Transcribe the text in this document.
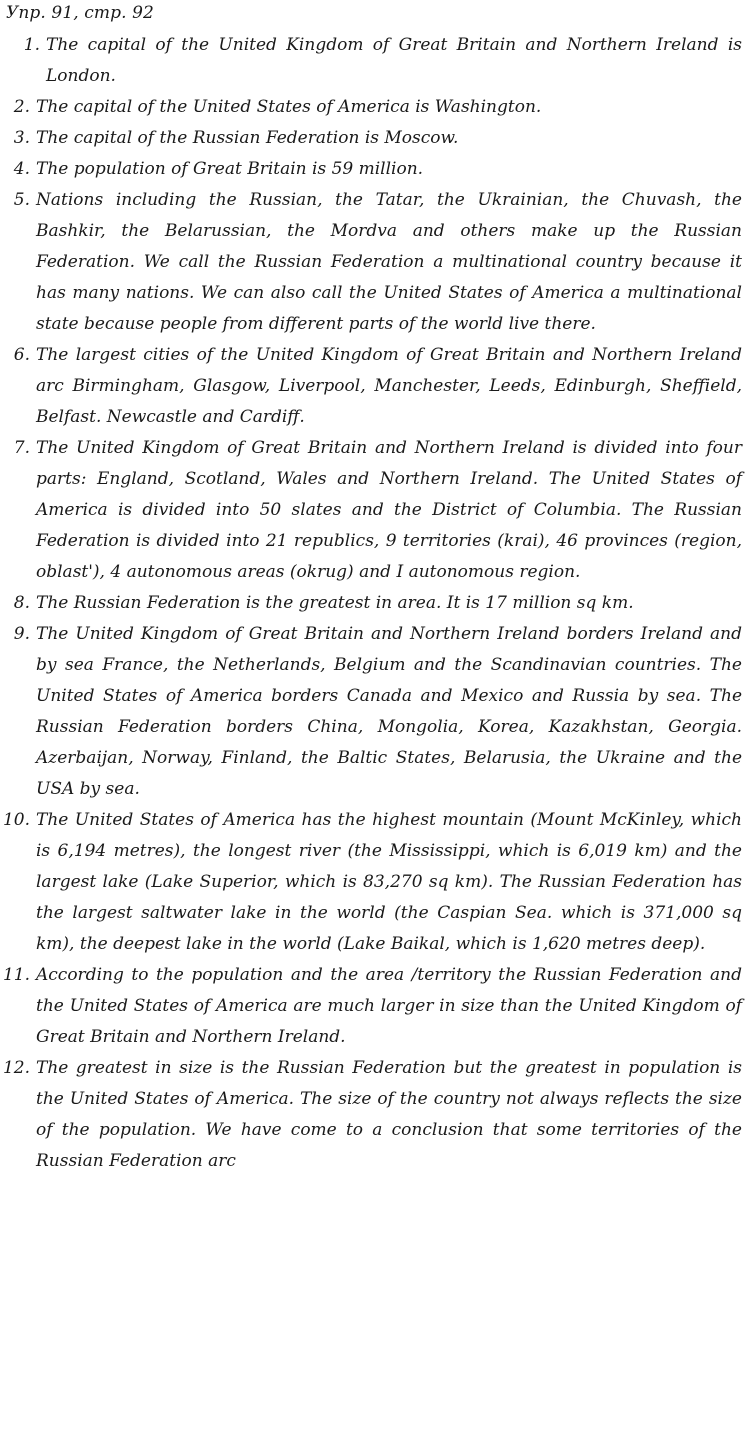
Упр. 91, стр. 92
1. The capital of the United Kingdom of Great Britain and Northern Ireland is London.
2. The capital of the United States of America is Washington.
3. The capital of the Russian Federation is Moscow.
4. The population of Great Britain is 59 million.
5. Nations including the Russian, the Tatar, the Ukrainian, the Chuvash, the Bashkir, the Belarussian, the Mordva and others make up the Russian Federation. We call the Russian Federation a multinational country because it has many nations. We can also call the United States of America a multinational state because people from different parts of the world live there.
6. The largest cities of the United Kingdom of Great Britain and Northern Ireland arc Birmingham, Glasgow, Liverpool, Manchester, Leeds, Edinburgh, Sheffield, Belfast. Newcastle and Cardiff.
7. The United Kingdom of Great Britain and Northern Ireland is divided into four parts: England, Scotland, Wales and Northern Ireland. The United States of America is divided into 50 slates and the District of Columbia. The Russian Federation is divided into 21 republics, 9 territories (krai), 46 provinces (region, oblast'), 4 autonomous areas (okrug) and I autonomous region.
8. The Russian Federation is the greatest in area. It is 17 million sq km.
9. The United Kingdom of Great Britain and Northern Ireland borders Ireland and by sea France, the Netherlands, Belgium and the Scandinavian countries. The United States of America borders Canada and Mexico and Russia by sea. The Russian Federation borders China, Mongolia, Korea, Kazakhstan, Georgia. Azerbaijan, Norway, Finland, the Baltic States, Belarusia, the Ukraine and the USA by sea.
10. The United States of America has the highest mountain (Mount McKinley, which is 6,194 metres), the longest river (the Mississippi, which is 6,019 km) and the largest lake (Lake Superior, which is 83,270 sq km). The Russian Federation has the largest saltwater lake in the world (the Caspian Sea. which is 371,000 sq km), the deepest lake in the world (Lake Baikal, which is 1,620 metres deep).
11. According to the population and the area /territory the Russian Federation and the United States of America are much larger in size than the United Kingdom of Great Britain and Northern Ireland.
12. The greatest in size is the Russian Federation but the greatest in population is the United States of America. The size of the country not always reflects the size of the population. We have come to a conclusion that some territories of the Russian Federation arc
